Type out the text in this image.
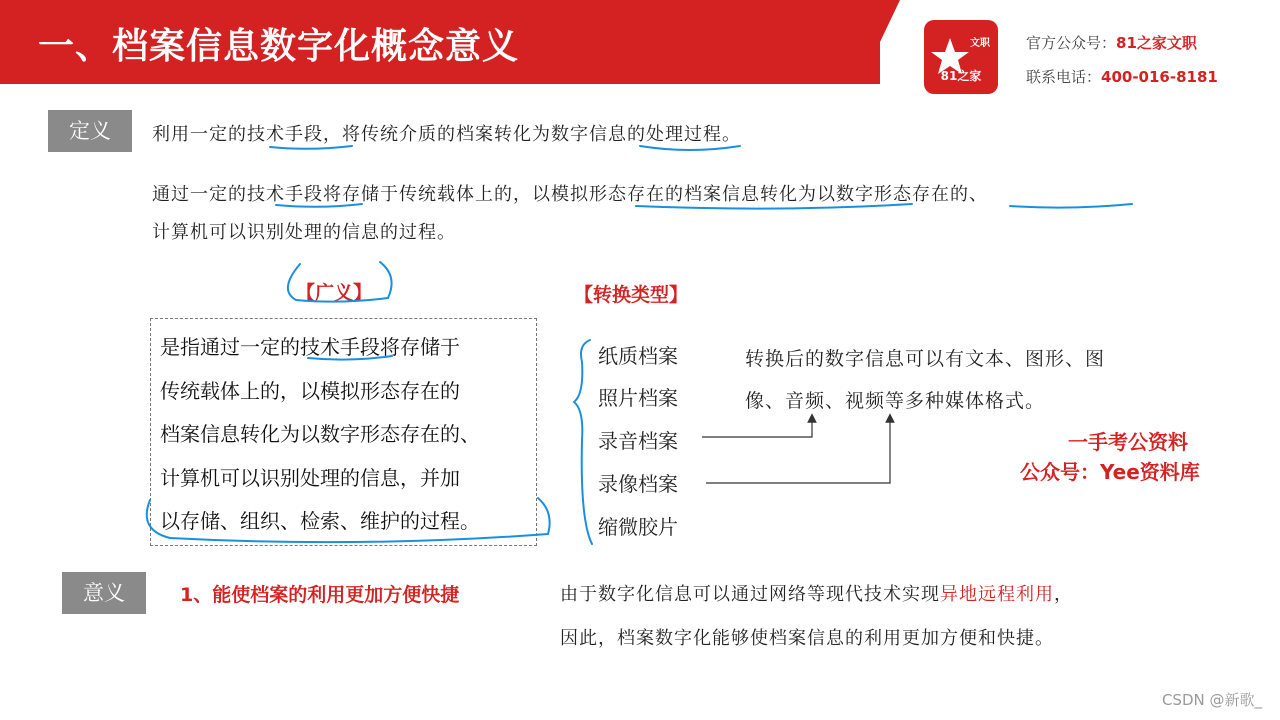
一、档案信息数字化概念意义	文职
81之家
官方公众号：81之家文职
联系电话：400-016-8181
定义	利用一定的技术手段，将传统介质的档案转化为数字信息的处理过程。
通过一定的技术手段将存储于传统载体上的，以模拟形态存在的档案信息转化为以数字形态存在的、
计算机可以识别处理的信息的过程。
【广义】
是指通过一定的技术手段将存储于
传统载体上的，以模拟形态存在的
档案信息转化为以数字形态存在的、
计算机可以识别处理的信息，并加
以存储、组织、检索、维护的过程。
【转换类型】
纸质档案
照片档案
录音档案
录像档案
缩微胶片
转换后的数字信息可以有文本、图形、图
像、音频、视频等多种媒体格式。
一手考公资料
公众号：Yee资料库
意义	1、能使档案的利用更加方便快捷	由于数字化信息可以通过网络等现代技术实现异地远程利用，
因此，档案数字化能够使档案信息的利用更加方便和快捷。
CSDN @新歌_
